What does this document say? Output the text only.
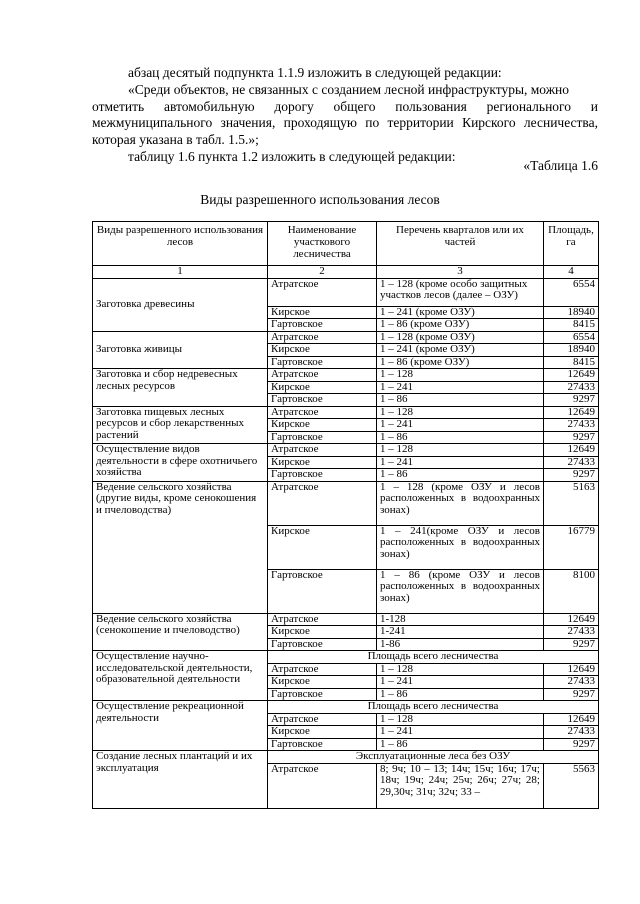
абзац десятый подпункта 1.1.9 изложить в следующей редакции:
«Среди объектов, не связанных с созданием лесной инфраструктуры, можно
отметить автомобильную дорогу общего пользования регионального и
межмуниципального значения, проходящую по территории Кирского лесничества,
которая указана в табл. 1.5.»;
таблицу 1.6 пункта 1.2 изложить в следующей редакции:
«Таблица 1.6
Виды разрешенного использования лесов
Виды разрешенного использования лесов	Наименование участкового лесничества	Перечень кварталов или их частей	Площадь, га
1	2	3	4
Заготовка древесины	Атратское	1 – 128 (кроме особо защитных участков лесов (далее – ОЗУ)	6554
	Кирское	1 – 241 (кроме ОЗУ)	18940
	Гартовское	1 – 86 (кроме ОЗУ)	8415
Заготовка живицы	Атратское	1 – 128 (кроме ОЗУ)	6554
	Кирское	1 – 241 (кроме ОЗУ)	18940
	Гартовское	1 – 86 (кроме ОЗУ)	8415
Заготовка и сбор недревесных лесных ресурсов	Атратское	1 – 128	12649
	Кирское	1 – 241	27433
	Гартовское	1 – 86	9297
Заготовка пищевых лесных ресурсов и сбор лекарственных растений	Атратское	1 – 128	12649
	Кирское	1 – 241	27433
	Гартовское	1 – 86	9297
Осуществление видов деятельности в сфере охотничьего хозяйства	Атратское	1 – 128	12649
	Кирское	1 – 241	27433
	Гартовское	1 – 86	9297
Ведение сельского хозяйства (другие виды, кроме сенокошения и пчеловодства)	Атратское	1 – 128 (кроме ОЗУ и лесов расположенных в водоохранных зонах)	5163
	Кирское	1 – 241(кроме ОЗУ и лесов расположенных в водоохранных зонах)	16779
	Гартовское	1 – 86 (кроме ОЗУ и лесов расположенных в водоохранных зонах)	8100
Ведение сельского хозяйства (сенокошение и пчеловодство)	Атратское	1-128	12649
	Кирское	1-241	27433
	Гартовское	1-86	9297
Осуществление научно-исследовательской деятельности, образовательной деятельности	Площадь всего лесничества		
	Атратское	1 – 128	12649
	Кирское	1 – 241	27433
	Гартовское	1 – 86	9297
Осуществление рекреационной деятельности	Площадь всего лесничества		
	Атратское	1 – 128	12649
	Кирское	1 – 241	27433
	Гартовское	1 – 86	9297
Создание лесных плантаций и их эксплуатация	Эксплуатационные леса без ОЗУ		
	Атратское	8; 9ч; 10 – 13; 14ч; 15ч; 16ч; 17ч; 18ч; 19ч; 24ч; 25ч; 26ч; 27ч; 28; 29,30ч; 31ч; 32ч; 33 –	5563
